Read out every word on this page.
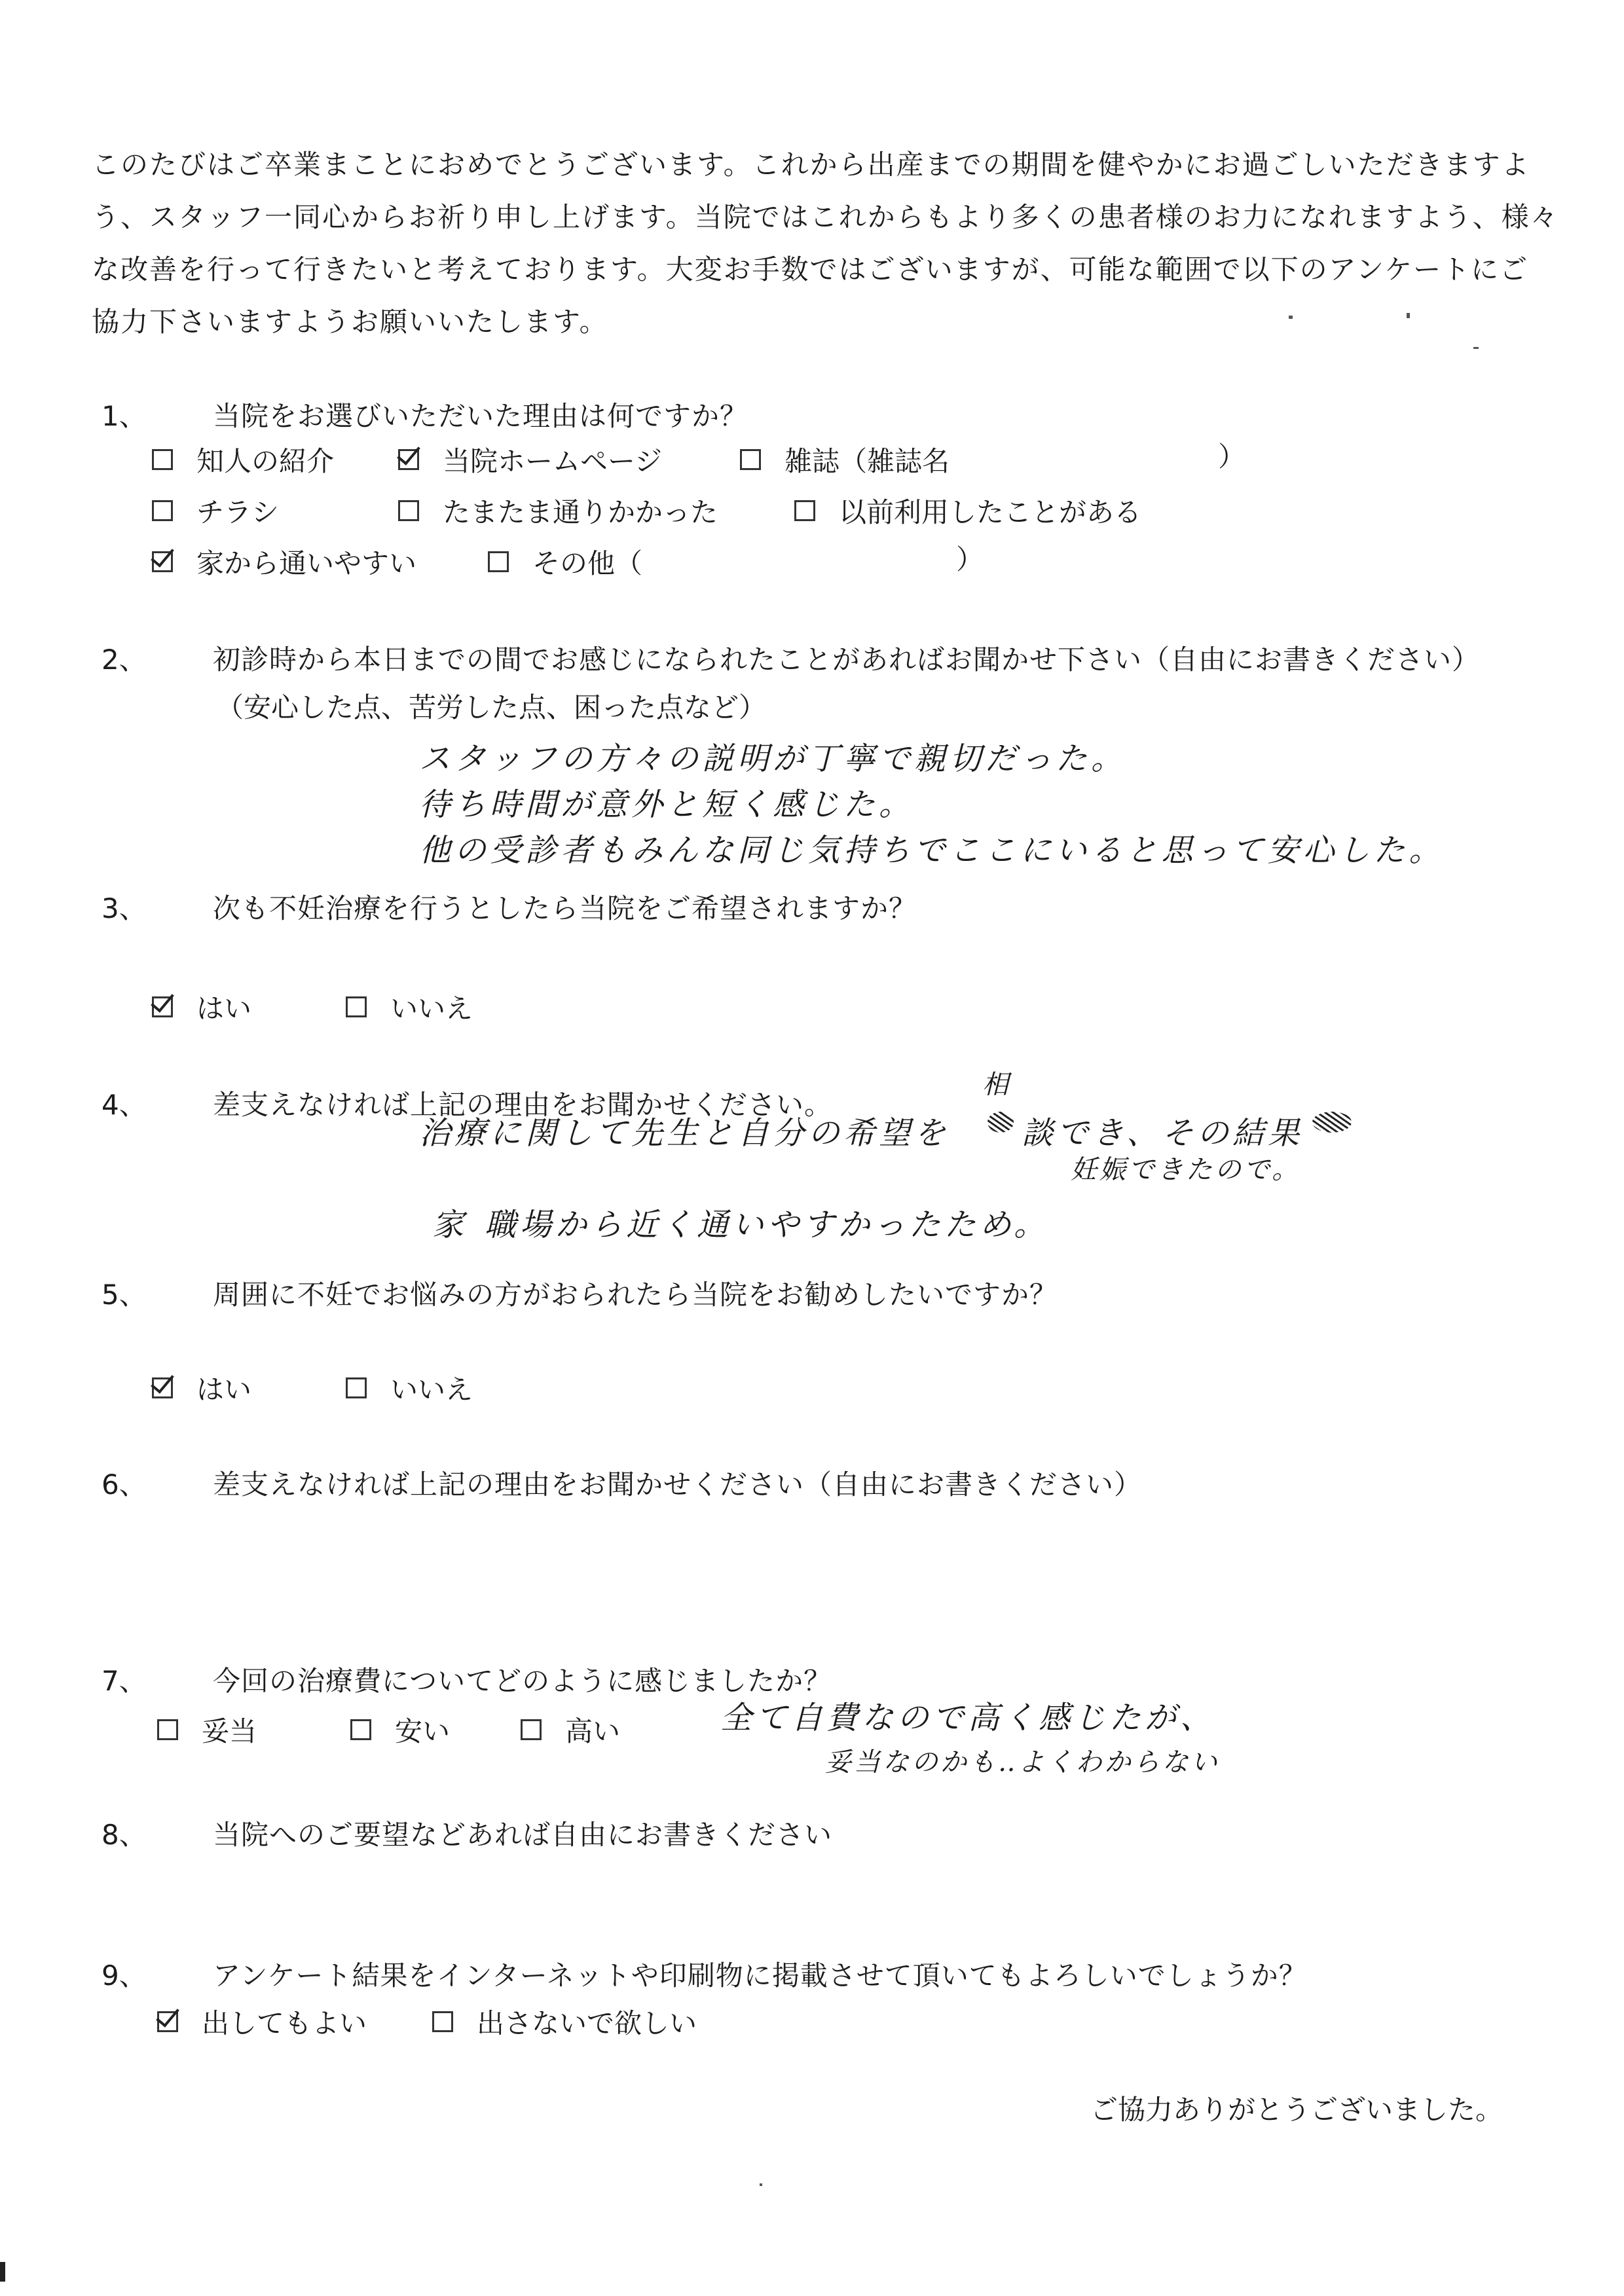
このたびはご卒業まことにおめでとうございます。これから出産までの期間を健やかにお過ごしいただきますよ

う、スタッフ一同心からお祈り申し上げます。当院ではこれからもより多くの患者様のお力になれますよう、様々

な改善を行って行きたいと考えております。大変お手数ではございますが、可能な範囲で以下のアンケートにご

協力下さいますようお願いいたします。

1、 当院をお選びいただいた理由は何ですか？
知人の紹介	当院ホームページ	雑誌（雑誌名	）
チラシ	たまたま通りかかった	以前利用したことがある
家から通いやすい	その他（	）
2、 初診時から本日までの間でお感じになられたことがあればお聞かせ下さい（自由にお書きください）
（安心した点、苦労した点、困った点など）
スタッフの方々の説明が丁寧で親切だった。
待ち時間が意外と短く感じた。
他の受診者もみんな同じ気持ちでここにいると思って安心した。
3、 次も不妊治療を行うとしたら当院をご希望されますか？
はい	いいえ
4、 差支えなければ上記の理由をお聞かせください。
相
治療に関して先生と自分の希望を 談でき、その結果
妊娠できたので。
家 職場から近く通いやすかったため。
5、 周囲に不妊でお悩みの方がおられたら当院をお勧めしたいですか？
はい	いいえ
6、 差支えなければ上記の理由をお聞かせください（自由にお書きください）
7、 今回の治療費についてどのように感じましたか？
妥当	安い	高い	全て自費なので高く感じたが、
妥当なのかも‥よくわからない
8、 当院へのご要望などあれば自由にお書きください
9、 アンケート結果をインターネットや印刷物に掲載させて頂いてもよろしいでしょうか？
出してもよい	出さないで欲しい
ご協力ありがとうございました。
